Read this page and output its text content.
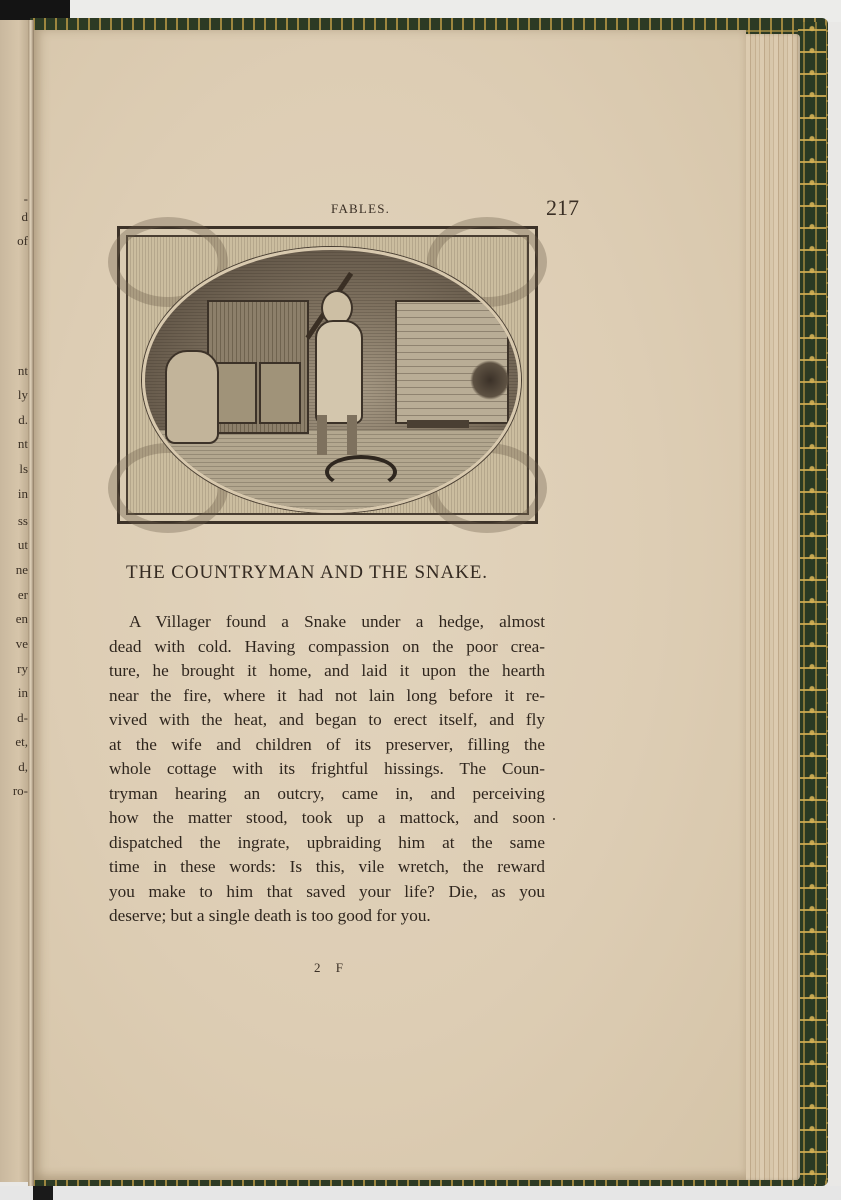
-
d
of
nt
ly
d.
nt
ls
in
ss
ut
ne
er
en
ve
ry
in
d-
et,
d,
ro-
FABLES.	217
THE COUNTRYMAN AND THE SNAKE.
A Villager found a Snake under a hedge, almost
dead with cold. Having compassion on the poor crea-
ture, he brought it home, and laid it upon the hearth
near the fire, where it had not lain long before it re-
vived with the heat, and began to erect itself, and fly
at the wife and children of its preserver, filling the
whole cottage with its frightful hissings. The Coun-
tryman hearing an outcry, came in, and perceiving
how the matter stood, took up a mattock, and soon
dispatched the ingrate, upbraiding him at the same
time in these words: Is this, vile wretch, the reward
you make to him that saved your life? Die, as you
deserve; but a single death is too good for you.
2 F
